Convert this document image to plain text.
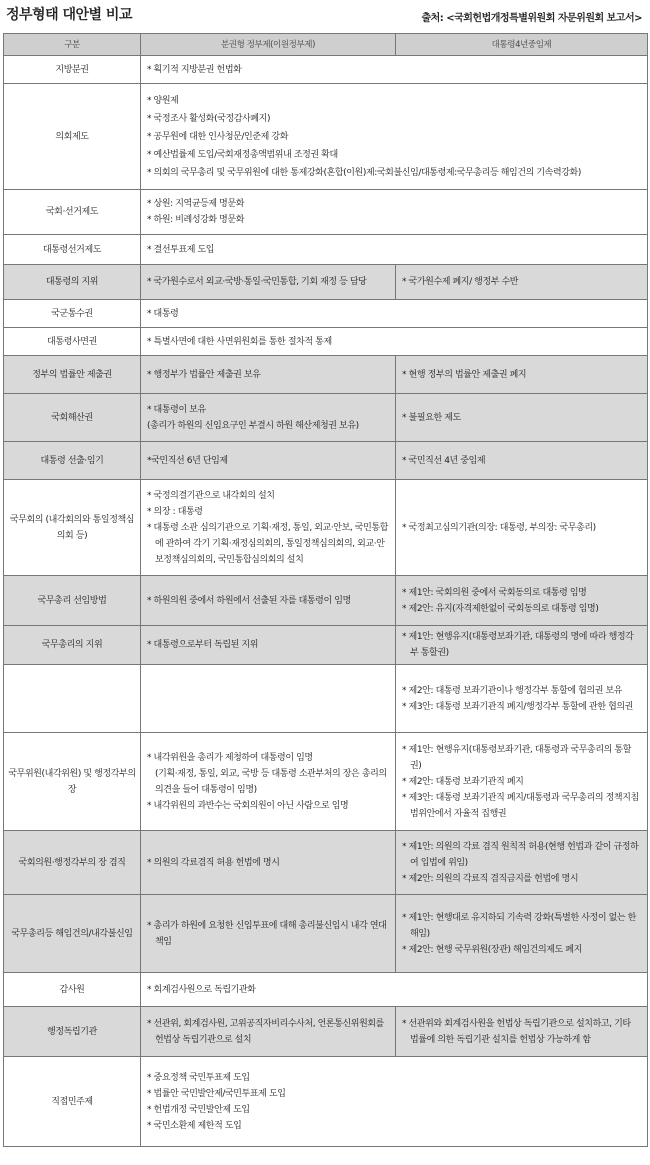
정부형태 대안별 비교	출처: <국회헌법개정특별위원회 자문위원회 보고서>
구분	분권형 정부제(이원정부제)	대통령4년중임제
지방분권	* 획기적 지방분권 헌법화	

의회제도	* 양원제
* 국정조사 활성화(국정감사폐지)
* 공무원에 대한 인사청문/인준제 강화
* 예산법률제 도입/국회재정총액범위내 조정권 확대
* 의회의 국무총리 및 국무위원에 대한 통제강화(혼합(이원)제:국회불신임/대통령제:국무총리등 해임건의 기속력강화)	

국회·선거제도	* 상원: 지역균등제 명문화
* 하원: 비례성강화 명문화	

대통령선거제도	* 결선투표제 도입	

대통령의 지위	* 국가원수로서 외교·국방·통일·국민통합, 기회 재정 등 담당	* 국가원수제 폐지/ 행정부 수반

국군통수권	* 대통령	

대통령사면권	* 특별사면에 대한 사면위원회를 통한 절차적 통제	

정부의 법률안 제출권	* 행정부가 법률안 제출권 보유	* 현행 정부의 법률안 제출권 폐지

국회해산권	* 대통령이 보유
(총리가 하원의 신임요구인 부결시 하원 해산제청권 보유)	* 불필요한 제도

대통령 선출·임기	*국민직선 6년 단임제	* 국민직선 4년 중임제

국무회의 (내각회의와 통일정책심의회 등)	* 국정의결기관으로 내각회의 설치
* 의장 : 대통령
* 대통령 소관 심의기관으로 기획·재정, 통일, 외교·안보, 국민통합에 관하여 각기 기획·재정심의회의, 통일정책심의회의, 외교·안보정책심의회의, 국민통합심의회의 설치	* 국정최고심의기관(의장: 대통령, 부의장: 국무총리)

국무총리 선임방법	* 하원의원 중에서 하원에서 선출된 자를 대통령이 임명	* 제1안: 국회의원 중에서 국회동의로 대통령 임명
* 제2안: 유지(자격제한없이 국회동의로 대통령 임명)

국무총리의 지위	* 대통령으로부터 독립된 지위	* 제1안: 현행유지(대통령보좌기관, 대통령의 명에 따라 행정각부 통할권)

		* 제2안: 대통령 보좌기관이나 행정각부 통할에 협의권 보유
* 제3안: 대통령 보좌기관직 폐지/행정각부 통할에 관한 협의권

국무위원(내각위원) 및 행정각부의 장	* 내각위원을 총리가 제청하여 대통령이 임명
(기획·재정, 통일, 외교, 국방 등 대통령 소관부처의 장은 총리의 의견을 들어 대통령이 임명)
* 내각위원의 과반수는 국회의원이 아닌 사람으로 임명	* 제1안: 현행유지(대통령보좌기관, 대통령과 국무총리의 통할권)
* 제2안: 대통령 보좌기관직 폐지
* 제3안: 대통령 보좌기관직 폐지/대통령과 국무총리의 정책지침 범위안에서 자율적 집행권

국회의원·행정각부의 장 겸직	* 의원의 각료겸직 허용 헌법에 명시	* 제1안: 의원의 각료 겸직 원칙적 허용(현행 헌법과 같이 규정하여 입법에 위임)
* 제2안: 의원의 각료직 겸직금지를 헌법에 명시

국무총리등 해임건의/내각불신임	* 총리가 하원에 요청한 신임투표에 대해 총리불신임시 내각 연대책임	* 제1안: 현행대로 유지하되 기속력 강화(특별한 사정이 없는 한 해임)
* 제2안: 현행 국무위원(장관) 해임건의제도 폐지

감사원	* 회계검사원으로 독립기관화	

행정독립기관	* 선관위, 회계검사원, 고위공직자비리수사처, 언론통신위원회를 헌법상 독립기관으로 설치	* 선관위와 회계검사원을 헌법상 독립기관으로 설치하고, 기타 법률에 의한 독립기관 설치를 헌법상 가능하게 함

직접민주제	* 중요정책 국민투표제 도입
* 법률안 국민발안제/국민투표제 도입
* 헌법개정 국민발안제 도입
* 국민소환제 제한적 도입	
